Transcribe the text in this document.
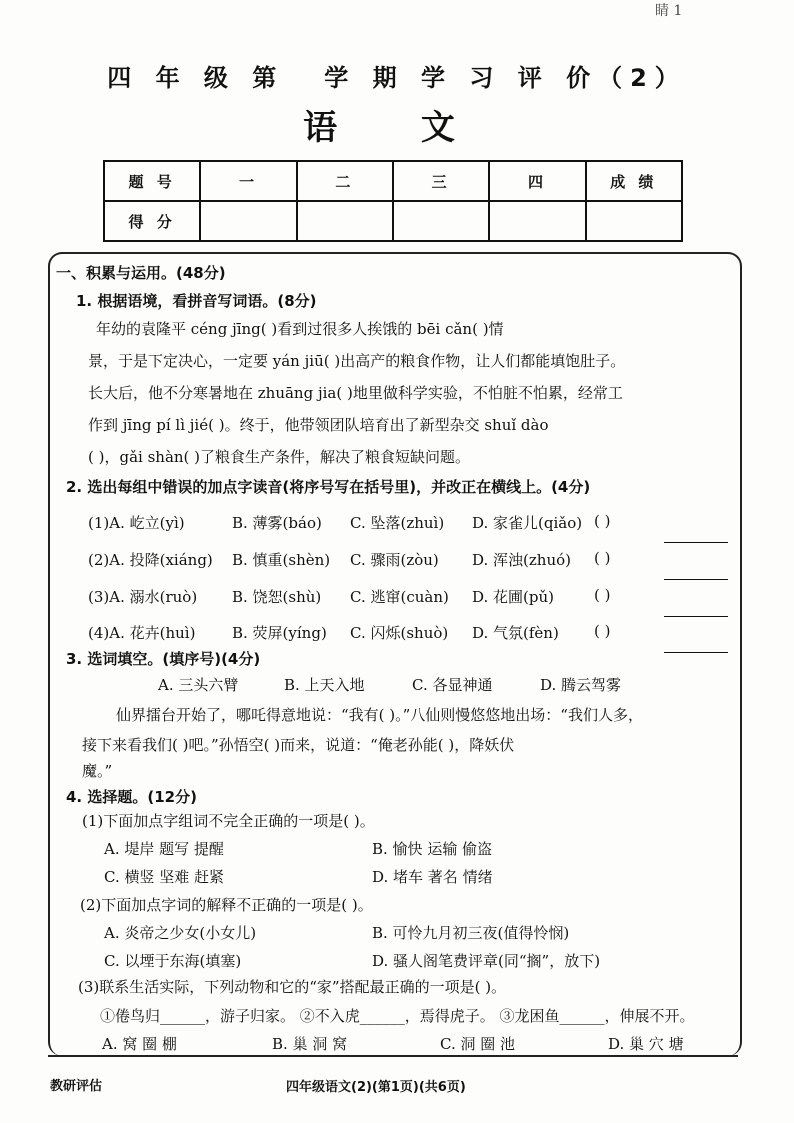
睛 1
四 年 级 第 学 期 学 习 评 价（2）
语 文
题 号	一	二	三	四	成 绩
得 分					
一、积累与运用。(48分)
1. 根据语境，看拼音写词语。(8分)
年幼的袁隆平 céng jīng( )看到过很多人挨饿的 bēi cǎn( )情
景，于是下定决心，一定要 yán jiū( )出高产的粮食作物，让人们都能填饱肚子。
长大后，他不分寒暑地在 zhuāng jia( )地里做科学实验，不怕脏不怕累，经常工
作到 jīng pí lì jié( )。终于，他带领团队培育出了新型杂交 shuǐ dào
( )，gǎi shàn( )了粮食生产条件，解决了粮食短缺问题。
2. 选出每组中错误的加点字读音(将序号写在括号里)，并改正在横线上。(4分)
(1)A. 屹立(yì)	B. 薄雾(báo) C. 坠落(zhuì) D. 家雀儿(qiǎo) ( )
(2)A. 投降(xiáng) B. 慎重(shèn) C. 骤雨(zòu) D. 浑浊(zhuó) ( )
(3)A. 溺水(ruò) B. 饶恕(shù) C. 逃窜(cuàn) D. 花圃(pǔ)	( )
(4)A. 花卉(huì) B. 荧屏(yíng) C. 闪烁(shuò) D. 气氛(fèn) ( )
3. 选词填空。(填序号)(4分)
A. 三头六臂	B. 上天入地	C. 各显神通	D. 腾云驾雾
仙界擂台开始了，哪吒得意地说：“我有( )。”八仙则慢悠悠地出场：“我们人多，
接下来看我们( )吧。”孙悟空( )而来，说道：“俺老孙能( )，降妖伏
魔。”
4. 选择题。(12分)
(1)下面加点字组词不完全正确的一项是( )。
A. 堤岸 题写 提醒	B. 愉快 运输 偷盗
C. 横竖 坚难 赶紧	D. 堵车 著名 情绪
(2)下面加点字词的解释不正确的一项是( )。
A. 炎帝之少女(小女儿)	B. 可怜九月初三夜(值得怜悯)
C. 以堙于东海(填塞)	D. 骚人阁笔费评章(同“搁”，放下)
(3)联系生活实际，下列动物和它的“家”搭配最正确的一项是( )。
①倦鸟归______，游子归家。 ②不入虎______，焉得虎子。 ③龙困鱼______，伸展不开。
A. 窝 圈 棚	B. 巢 洞 窝	C. 洞 圈 池	D. 巢 穴 塘
教研评估	四年级语文(2)(第1页)(共6页)
